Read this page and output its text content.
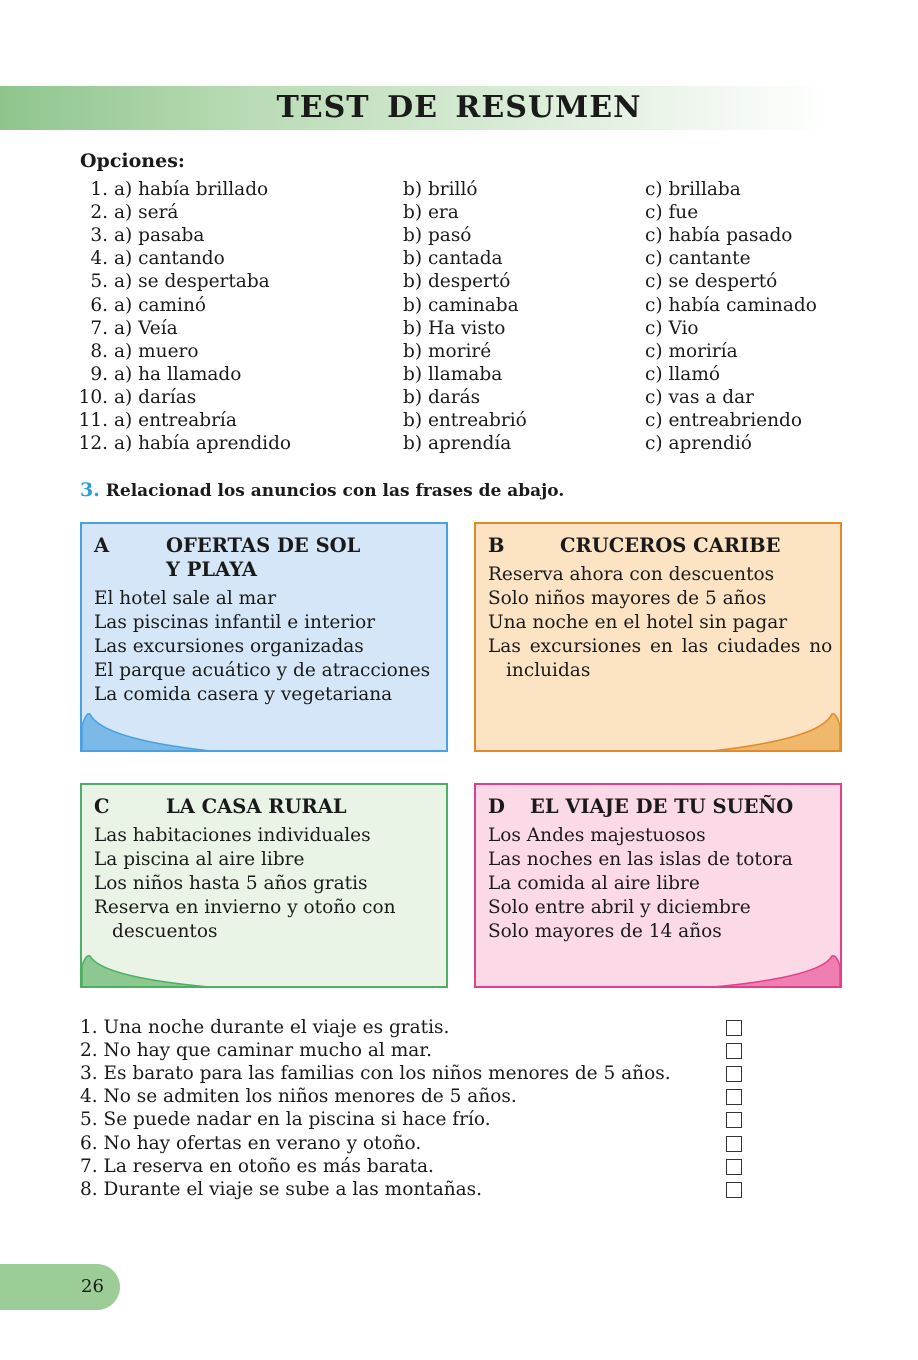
TEST DE RESUMEN
Opciones:
1. a) había brillado	b) brilló	c) brillaba
2. a) será	b) era	c) fue
3. a) pasaba	b) pasó	c) había pasado
4. a) cantando	b) cantada	c) cantante
5. a) se despertaba	b) despertó	c) se despertó
6. a) caminó	b) caminaba	c) había caminado
7. a) Veía	b) Ha visto	c) Vio
8. a) muero	b) moriré	c) moriría
9. a) ha llamado	b) llamaba	c) llamó
10. a) darías	b) darás	c) vas a dar
11. a) entreabría	b) entreabrió	c) entreabriendo
12. a) había aprendido	b) aprendía	c) aprendió
3. Relacionad los anuncios con las frases de abajo.
A	OFERTAS DE SOL
Y PLAYA
El hotel sale al mar
Las piscinas infantil e interior
Las excursiones organizadas
El parque acuático y de atracciones
La comida casera y vegetariana
B	CRUCEROS CARIBE
Reserva ahora con descuentos
Solo niños mayores de 5 años
Una noche en el hotel sin pagar
Las excursiones en las ciudades no
incluidas
C	LA CASA RURAL
Las habitaciones individuales
La piscina al aire libre
Los niños hasta 5 años gratis
Reserva en invierno y otoño con
descuentos
D EL VIAJE DE TU SUEÑO
Los Andes majestuosos
Las noches en las islas de totora
La comida al aire libre
Solo entre abril y diciembre
Solo mayores de 14 años
1. Una noche durante el viaje es gratis.
2. No hay que caminar mucho al mar.
3. Es barato para las familias con los niños menores de 5 años.
4. No se admiten los niños menores de 5 años.
5. Se puede nadar en la piscina si hace frío.
6. No hay ofertas en verano y otoño.
7. La reserva en otoño es más barata.
8. Durante el viaje se sube a las montañas.
26
